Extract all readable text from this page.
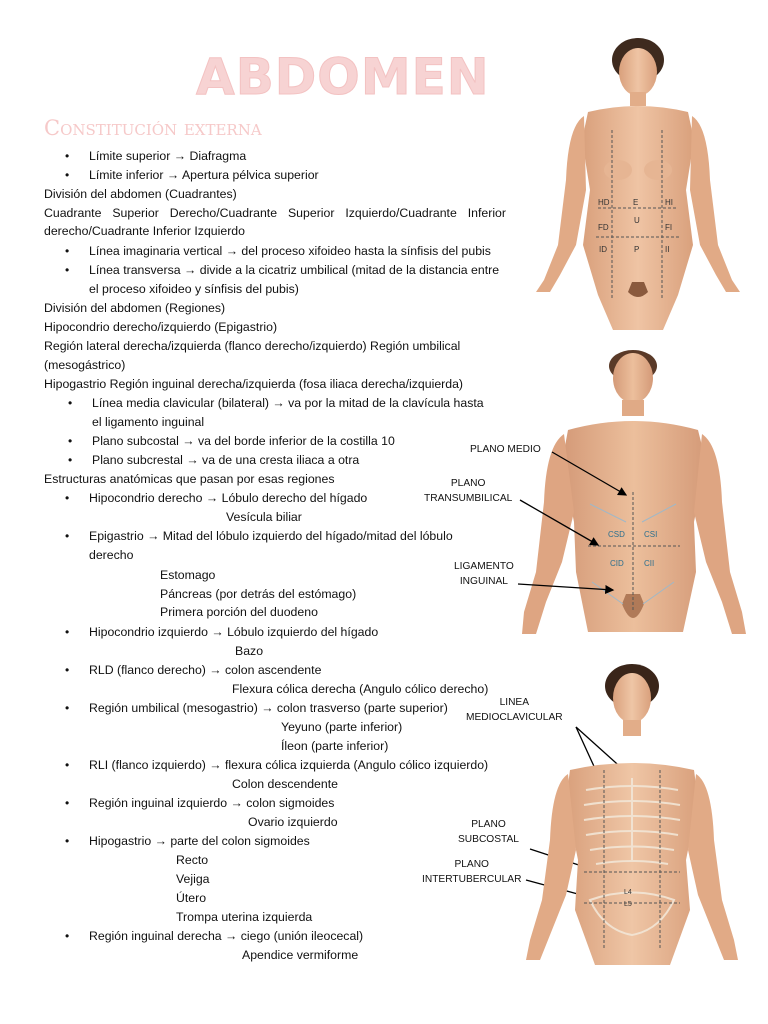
ABDOMEN
Constitución externa
• Límite superior → Diafragma
• Límite inferior → Apertura pélvica superior
División del abdomen (Cuadrantes)
Cuadrante Superior Derecho/Cuadrante Superior Izquierdo/Cuadrante Inferior
derecho/Cuadrante Inferior Izquierdo
• Línea imaginaria vertical → del proceso xifoideo hasta la sínfisis del pubis
• Línea transversa → divide a la cicatriz umbilical (mitad de la distancia entre
el proceso xifoideo y sínfisis del pubis)
División del abdomen (Regiones)
Hipocondrio derecho/izquierdo (Epigastrio)
Región lateral derecha/izquierda (flanco derecho/izquierdo) Región umbilical
(mesogástrico)
Hipogastrio Región inguinal derecha/izquierda (fosa iliaca derecha/izquierda)
• Línea media clavicular (bilateral) → va por la mitad de la clavícula hasta
el ligamento inguinal
• Plano subcostal → va del borde inferior de la costilla 10
• Plano subcrestal → va de una cresta iliaca a otra
Estructuras anatómicas que pasan por esas regiones
• Hipocondrio derecho → Lóbulo derecho del hígado
Vesícula biliar
• Epigastrio → Mitad del lóbulo izquierdo del hígado/mitad del lóbulo
derecho
Estomago
Páncreas (por detrás del estómago)
Primera porción del duodeno
• Hipocondrio izquierdo → Lóbulo izquierdo del hígado
Bazo
• RLD (flanco derecho) → colon ascendente
Flexura cólica derecha (Angulo cólico derecho)
• Región umbilical (mesogastrio) → colon trasverso (parte superior)
Yeyuno (parte inferior)
Íleon (parte inferior)
• RLI (flanco izquierdo) → flexura cólica izquierda (Angulo cólico izquierdo)
Colon descendente
• Región inguinal izquierdo → colon sigmoides
Ovario izquierdo
• Hipogastrio → parte del colon sigmoides
Recto
Vejiga
Útero
Trompa uterina izquierda
• Región inguinal derecha → ciego (unión ileocecal)
Apendice vermiforme
HD	E	HI
U
FD	FI
ID	P	II
CSD CSI
CID	CII
PLANO MEDIO
PLANO
TRANSUMBILICAL
LIGAMENTO
INGUINAL
L4
L5
LINEA
MEDIOCLAVICULAR
PLANO
SUBCOSTAL
PLANO
INTERTUBERCULAR
